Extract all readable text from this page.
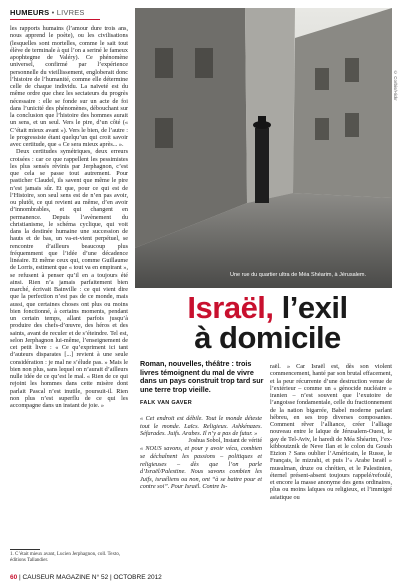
HUMEURS • LIVRES

les rapports humains (l’amour dure trois ans, nous apprend le poète), ou les civilisations (lesquelles sont mortelles, comme le sait tout élève de terminale à qui l’on a seriné le fameux apophtegme de Valéry). Ce phénomène universel, confirmé par l’expérience personnelle du vieillissement, engloberait donc l’histoire de l’humanité, comme elle détermine celle de chaque individu. La naïveté est du même ordre que chez les sectateurs du progrès nécessaire : elle se fonde sur un acte de foi dans l’unicité des phénomènes, débouchant sur la conclusion que l’histoire des hommes aurait un sens, et un seul. Vers le pire, d’un côté (« C’était mieux avant »). Vers le bien, de l’autre : le progressiste étant quelqu’un qui croit savoir avec certitude, que « Ce sera mieux après... ».

Deux certitudes symétriques, deux erreurs croisées : car ce que rappellent les pessimistes les plus sensés révinis par Jerphagnon, c’est que cela se passe tout autrement. Pour pasticher Claudel, ils savent que même le pire n’est jamais sûr. Et que, pour ce qui est de l’Histoire, son seul sens est de n’en pas avoir, ou plutôt, ce qui revient au même, d’en avoir d’innombrables, et qui changent en permanence. Depuis l’avènement du christianisme, le schéma cyclique, qui voit dans la destinée humaine une succession de hauts et de bas, un va-et-vient perpétuel, se rencontre d’ailleurs beaucoup plus fréquemment que l’idée d’une décadence linéaire. Et même ceux qui, comme Guillaume de Lorris, estiment que « tout va en empirant », se refusent à penser qu’il en a toujours été ainsi. Rien n’a jamais parfaitement bien marché, écrivait Bainville : ce qui vient dire que la perfection n’est pas de ce monde, mais aussi, que certaines choses ont plus ou moins bien fonctionné, à certains moments, pendant un certain temps, allant parfois jusqu’à produire des chefs-d’œuvre, des héros et des saints, avant de reculer et de s’éteindre. Tel est, selon Jerphagnon lui-même, l’enseignement de cet petit livre : « Ce qu’expriment ici tant d’auteurs disparates [...] revient à une seule considération : je mal ne s’élude pas. » Mais le bien non plus, sans lequel on n’aurait d’ailleurs nulle idée de ce qu’est le mal. « Rien de ce qui rejoint les hommes dans cette misère dont parlait Pascal n’est inutile, poursuit-il. Rien non plus n’est superflu de ce qui les accompagne dans un instant de joie. »

1. C’était mieux avant, Lucien Jerphagnon, coll. Texto, éditions Tallandier.
© Corbis/Hickr
Une rue du quartier ultra de Méa Shéarim, à Jérusalem.
Israël, l’exil
à domicile
Roman, nouvelles, théâtre : trois livres témoignent du mal de vivre dans un pays construit trop tard sur une terre trop vieille.
FALK VAN GAVER
« Cet endroit est débile. Tout le monde déteste tout le monde. Laïcs. Religieux. Ashkénazes. Séfarades. Juifs. Arabes. Il n’y a pas de futur. »
Joshua Sobol, Instant de vérité
« NOUS savons, et pour y avoir vécu, combien se déchaînent les passions – politiques et religieuses – dès que l’on parle d’Israël/Palestine. Nous savons combien les Juifs, israéliens ou non, ont “à se battre pour et contre soi”. Pour Israël. Contre Is-
raël. » Car Israël est, dès son violent commencement, hanté par son brutal effacement, et la peur récurrente d’une destruction venue de l’extérieur – comme un « génocide nucléaire » iranien – n’est souvent que l’exutoire de l’angoisse fondamentale, celle du fractionnement de la nation bigarrée, Babel moderne parlant hébreu, en ses trop diverses composantes. Comment rêver l’alliance, créer l’alliage nouveau entre le laïque de Jérusalem-Ouest, le gay de Tel-Aviv, le haredi de Méa Shéarim, l’ex-kibboutznik de Neve Ilan et le colon du Goush Etzion ? Sans oublier l’Américain, le Russe, le Français, le mizrahi, et puis l’« Arabe Israël » musulman, druze ou chrétien, et le Palestinien, éternel présent-absent toujours rappelé/refoulé, et encore la masse anonyme des gens ordinaires, plus ou moins laïques ou religieux, et l’immigré asiatique ou
60 | CAUSEUR MAGAZINE N° 52 | OCTOBRE 2012
